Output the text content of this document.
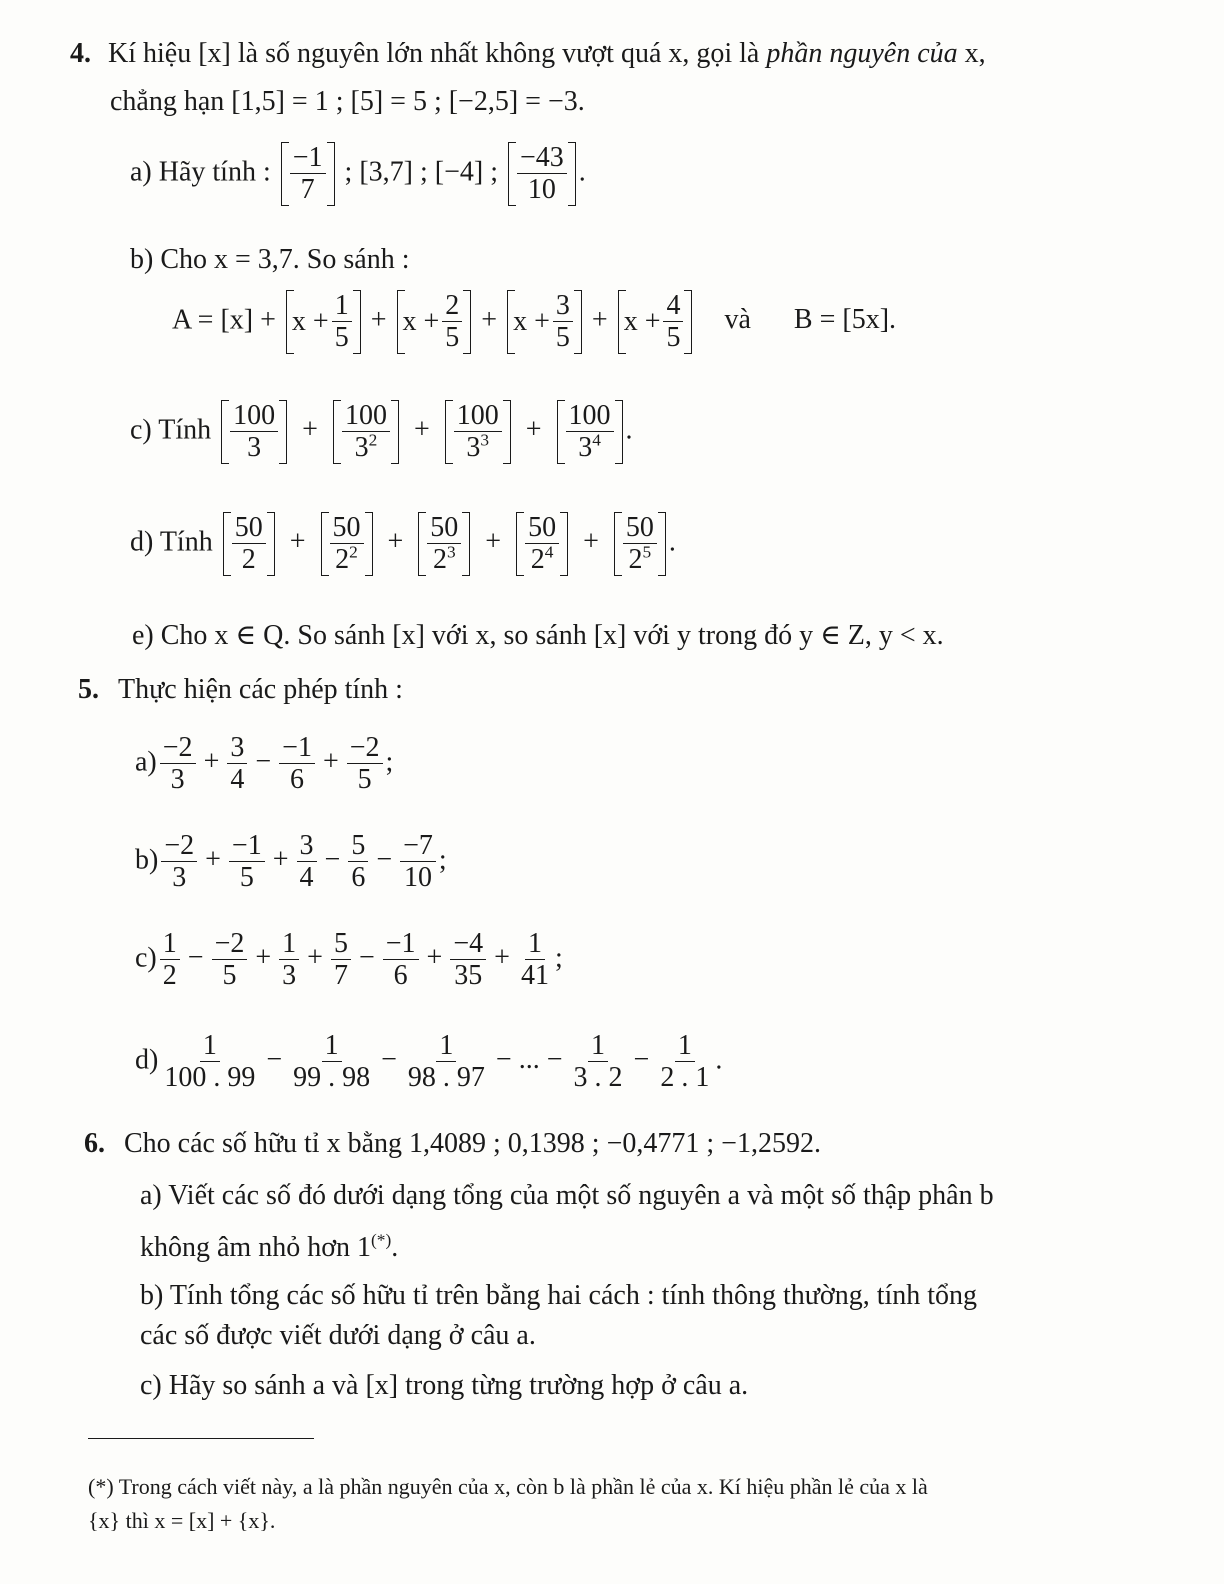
4. Kí hiệu [x] là số nguyên lớn nhất không vượt quá x, gọi là phần nguyên của x,
chẳng hạn [1,5] = 1 ; [5] = 5 ; [−2,5] = −3.
a) Hãy tính : $\frac{-1}{7}$ ; [3,7] ; [−4] ; $\frac{-43}{10}$ .
b) Cho x = 3,7. So sánh :
$A = [x] + x + \frac{1}{5} + x + \frac{2}{5} + x + \frac{3}{5} + x + \frac{4}{5}$ và B = [5x].
c) Tính $\frac{100}{3} + \frac{100}{3^2} + \frac{100}{3^3} + \frac{100}{3^4}$ .
d) Tính $\frac{50}{2} + \frac{50}{2^2} + \frac{50}{2^3} + \frac{50}{2^4} + \frac{50}{2^5}$ .
e) Cho x ∈ Q. So sánh [x] với x, so sánh [x] với y trong đó y ∈ Z, y < x.
5. Thực hiện các phép tính :
$a) \frac{-2}{3} + \frac{3}{4} - \frac{-1}{6} + \frac{-2}{5}$ ;
$b) \frac{-2}{3} + \frac{-1}{5} + \frac{3}{4} - \frac{5}{6} - \frac{-7}{10}$ ;
$c) \frac{1}{2} - \frac{-2}{5} + \frac{1}{3} + \frac{5}{7} - \frac{-1}{6} + \frac{-4}{35} + \frac{1}{41}$ ;
$d) \frac{1}{100 . 99} - \frac{1}{99 . 98} - \frac{1}{98 . 97}$ − ... − $\frac{1}{3 . 2} - \frac{1}{2 . 1}$ .
6. Cho các số hữu tỉ x bằng 1,4089 ; 0,1398 ; −0,4771 ; −1,2592.
a) Viết các số đó dưới dạng tổng của một số nguyên a và một số thập phân b
không âm nhỏ hơn 1(*).
b) Tính tổng các số hữu tỉ trên bằng hai cách : tính thông thường, tính tổng
các số được viết dưới dạng ở câu a.
c) Hãy so sánh a và [x] trong từng trường hợp ở câu a.
(*) Trong cách viết này, a là phần nguyên của x, còn b là phần lẻ của x. Kí hiệu phần lẻ của x là
{x} thì x = [x] + {x}.
